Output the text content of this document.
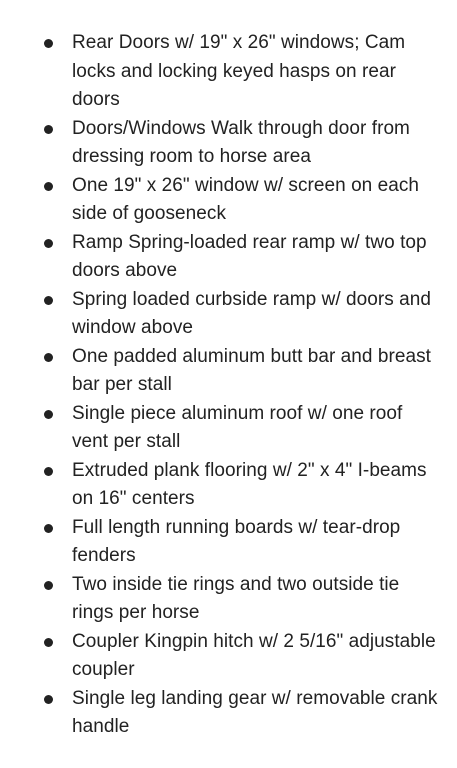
Rear Doors w/ 19" x 26" windows; Cam locks and locking keyed hasps on rear doors
Doors/Windows Walk through door from dressing room to horse area
One 19" x 26" window w/ screen on each side of gooseneck
Ramp Spring-loaded rear ramp w/ two top doors above
Spring loaded curbside ramp w/ doors and window above
One padded aluminum butt bar and breast bar per stall
Single piece aluminum roof w/ one roof vent per stall
Extruded plank flooring w/ 2" x 4" I-beams on 16" centers
Full length running boards w/ tear-drop fenders
Two inside tie rings and two outside tie rings per horse
Coupler Kingpin hitch w/ 2 5/16" adjustable coupler
Single leg landing gear w/ removable crank handle
